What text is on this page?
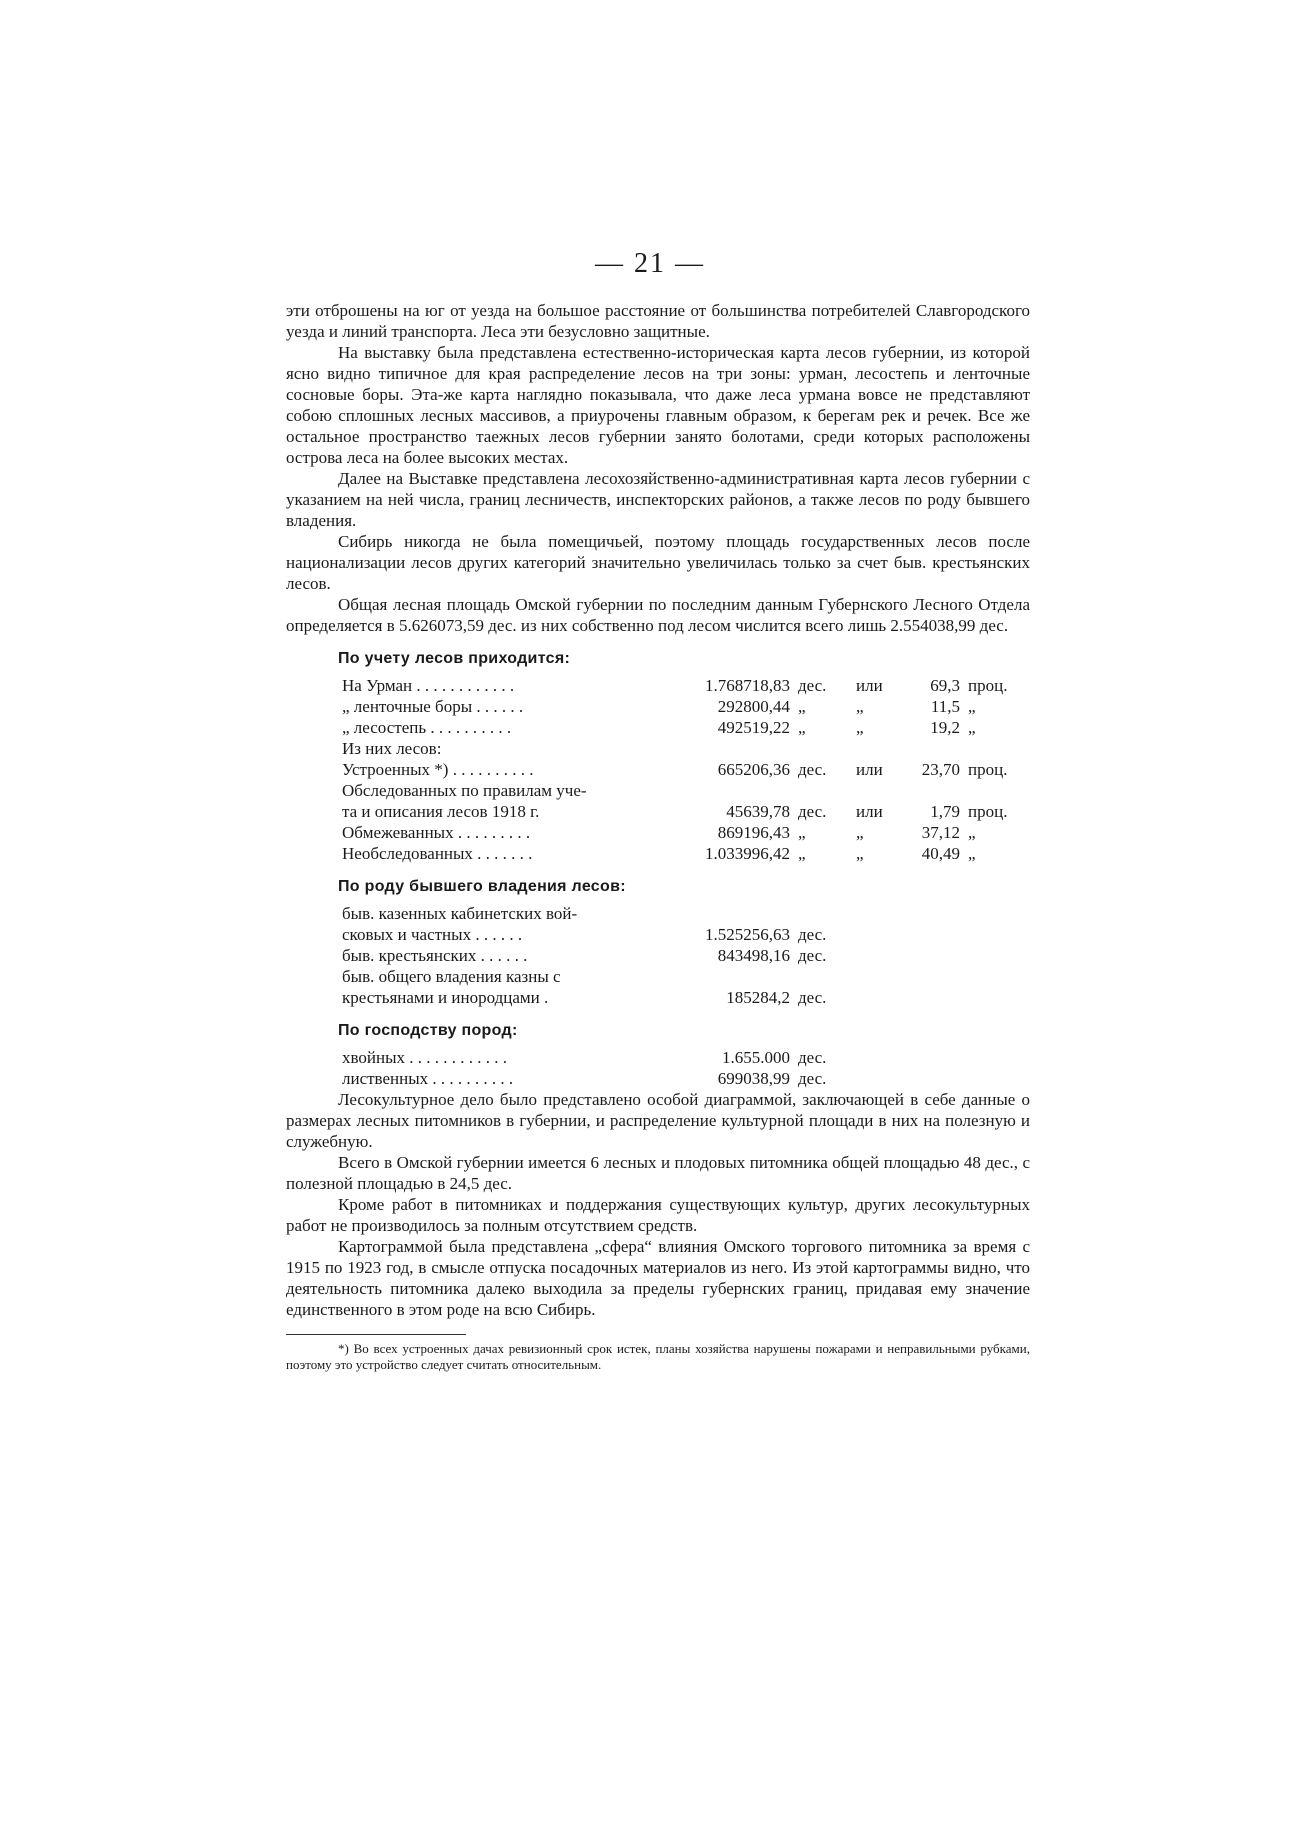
— 21 —

эти отброшены на юг от уезда на большое расстояние от большинства потребителей Славгородского уезда и линий транспорта. Леса эти безусловно защитные.

На выставку была представлена естественно-историческая карта лесов губернии, из которой ясно видно типичное для края распределение лесов на три зоны: урман, лесостепь и ленточные сосновые боры. Эта-же карта наглядно показывала, что даже леса урмана вовсе не представляют собою сплошных лесных массивов, а приурочены главным образом, к берегам рек и речек. Все же остальное пространство таежных лесов губернии занято болотами, среди которых расположены острова леса на более высоких местах.

Далее на Выставке представлена лесохозяйственно-административная карта лесов губернии с указанием на ней числа, границ лесничеств, инспекторских районов, а также лесов по роду бывшего владения.

Сибирь никогда не была помещичьей, поэтому площадь государственных лесов после национализации лесов других категорий значительно увеличилась только за счет быв. крестьянских лесов.

Общая лесная площадь Омской губернии по последним данным Губернского Лесного Отдела определяется в 5.626073,59 дес. из них собственно под лесом числится всего лишь 2.554038,99 дес.

По учету лесов приходится:
На Урман . . . . . . . . . . . .	1.768718,83	дес.	или	69,3	проц.
„ ленточные боры . . . . . .	292800,44	„	„	11,5	„
„ лесостепь . . . . . . . . . .	492519,22	„	„	19,2	„
Из них лесов:					
Устроенных *) . . . . . . . . . .	665206,36	дес.	или	23,70	проц.
Обследованных по правилам уче-					
та и описания лесов 1918 г.	45639,78	дес.	или	1,79	проц.
Обмежеванных . . . . . . . . .	869196,43	„	„	37,12	„
Необследованных . . . . . . .	1.033996,42	„	„	40,49	„
По роду бывшего владения лесов:
быв. казенных кабинетских вой-		
сковых и частных . . . . . .	1.525256,63	дес.
быв. крестьянских . . . . . .	843498,16	дес.
быв. общего владения казны с		
крестьянами и инородцами .	185284,2	дес.
По господству пород:
хвойных . . . . . . . . . . . .	1.655.000	дес.
лиственных . . . . . . . . . .	699038,99	дес.

Лесокультурное дело было представлено особой диаграммой, заключающей в себе данные о размерах лесных питомников в губернии, и распределение культурной площади в них на полезную и служебную.

Всего в Омской губернии имеется 6 лесных и плодовых питомника общей площадью 48 дес., с полезной площадью в 24,5 дес.

Кроме работ в питомниках и поддержания существующих культур, других лесокультурных работ не производилось за полным отсутствием средств.

Картограммой была представлена „сфера“ влияния Омского торгового питомника за время с 1915 по 1923 год, в смысле отпуска посадочных материалов из него. Из этой картограммы видно, что деятельность питомника далеко выходила за пределы губернских границ, придавая ему значение единственного в этом роде на всю Сибирь.

*) Во всех устроенных дачах ревизионный срок истек, планы хозяйства нарушены пожарами и неправильными рубками, поэтому это устройство следует считать относительным.
